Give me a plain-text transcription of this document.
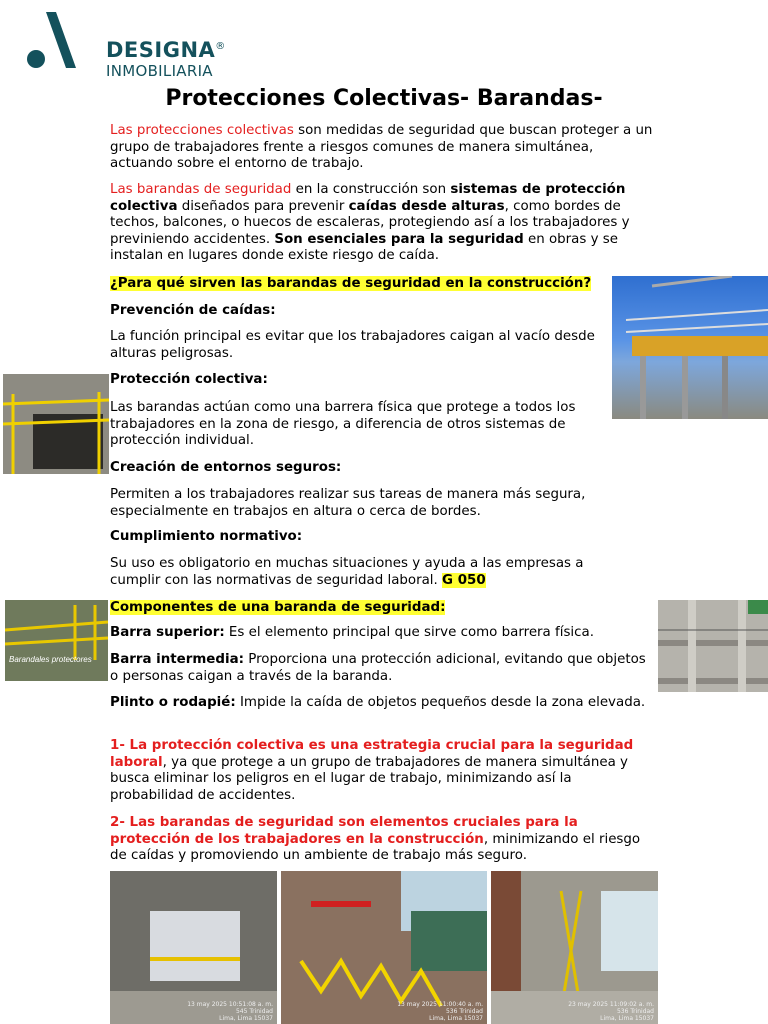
DESIGNA®
INMOBILIARIA
Protecciones Colectivas- Barandas-

Las protecciones colectivas son medidas de seguridad que buscan proteger a un grupo de trabajadores frente a riesgos comunes de manera simultánea, actuando sobre el entorno de trabajo.

Las barandas de seguridad en la construcción son sistemas de protección colectiva diseñados para prevenir caídas desde alturas, como bordes de techos, balcones, o huecos de escaleras, protegiendo así a los trabajadores y previniendo accidentes. Son esenciales para la seguridad en obras y se instalan en lugares donde existe riesgo de caída.

¿Para qué sirven las barandas de seguridad en la construcción?

Prevención de caídas:

La función principal es evitar que los trabajadores caigan al vacío desde alturas peligrosas.

Protección colectiva:

Las barandas actúan como una barrera física que protege a todos los trabajadores en la zona de riesgo, a diferencia de otros sistemas de protección individual.

Creación de entornos seguros:

Permiten a los trabajadores realizar sus tareas de manera más segura, especialmente en trabajos en altura o cerca de bordes.

Cumplimiento normativo:

Su uso es obligatorio en muchas situaciones y ayuda a las empresas a cumplir con las normativas de seguridad laboral. G 050

Componentes de una baranda de seguridad:

Barra superior: Es el elemento principal que sirve como barrera física.

Barra intermedia: Proporciona una protección adicional, evitando que objetos o personas caigan a través de la baranda.

Plinto o rodapié: Impide la caída de objetos pequeños desde la zona elevada.

1- La protección colectiva es una estrategia crucial para la seguridad laboral, ya que protege a un grupo de trabajadores de manera simultánea y busca eliminar los peligros en el lugar de trabajo, minimizando así la probabilidad de accidentes.

2- Las barandas de seguridad son elementos cruciales para la protección de los trabajadores en la construcción, minimizando el riesgo de caídas y promoviendo un ambiente de trabajo más seguro.

Barandales protectores
13 may 2025 10:51:08 a. m.
545 Trinidad
Lima, Lima 15037
13 may 2025 11:00:40 a. m.
536 Trinidad
Lima, Lima 15037
23 may 2025 11:09:02 a. m.
536 Trinidad
Lima, Lima 15037
